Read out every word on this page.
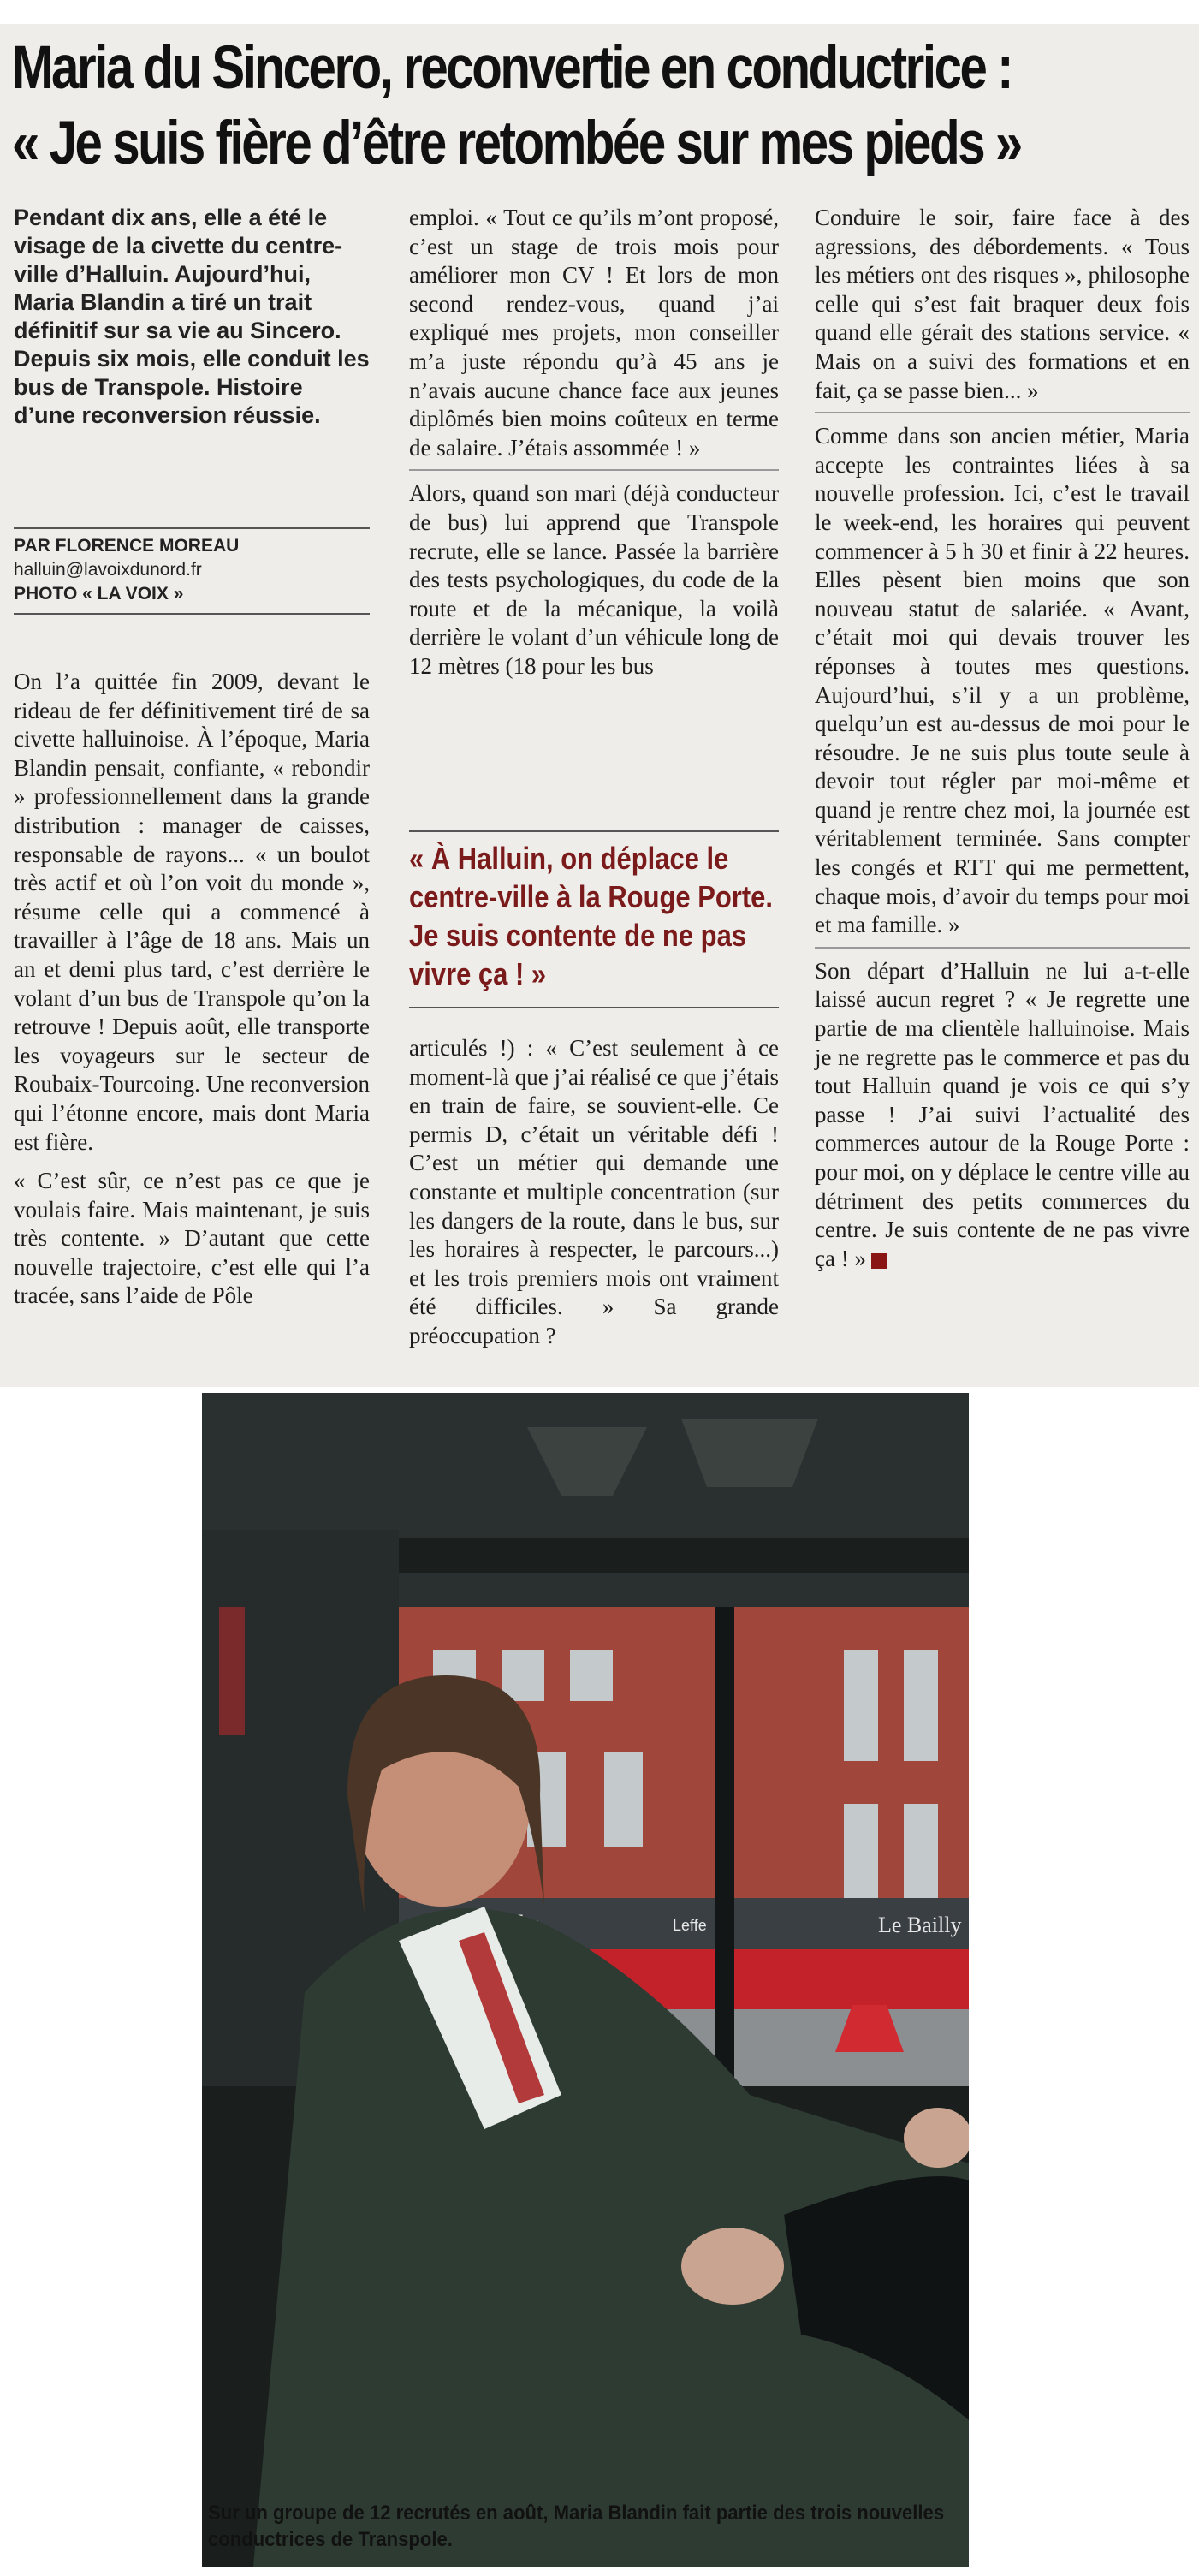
Maria du Sincero, reconvertie en conductrice :
« Je suis fière d’être retombée sur mes pieds »
Pendant dix ans, elle a été le visage de la civette du centre-ville d’Halluin. Aujourd’hui, Maria Blandin a tiré un trait définitif sur sa vie au Sincero. Depuis six mois, elle conduit les bus de Transpole. Histoire d’une reconversion réussie.
PAR FLORENCE MOREAU
halluin@lavoixdunord.fr
PHOTO « LA VOIX »

On l’a quittée fin 2009, devant le rideau de fer définitivement tiré de sa civette halluinoise. À l’époque, Maria Blandin pensait, confiante, « rebondir » professionnellement dans la grande distribution : manager de caisses, responsable de rayons... « un boulot très actif et où l’on voit du monde », résume celle qui a commencé à travailler à l’âge de 18 ans. Mais un an et demi plus tard, c’est derrière le volant d’un bus de Transpole qu’on la retrouve ! Depuis août, elle transporte les voyageurs sur le secteur de Roubaix-Tourcoing. Une reconversion qui l’étonne encore, mais dont Maria est fière.

« C’est sûr, ce n’est pas ce que je voulais faire. Mais maintenant, je suis très contente. » D’autant que cette nouvelle trajectoire, c’est elle qui l’a tracée, sans l’aide de Pôle

emploi. « Tout ce qu’ils m’ont proposé, c’est un stage de trois mois pour améliorer mon CV ! Et lors de mon second rendez-vous, quand j’ai expliqué mes projets, mon conseiller m’a juste répondu qu’à 45 ans je n’avais aucune chance face aux jeunes diplômés bien moins coûteux en terme de salaire. J’étais assommée ! »

Alors, quand son mari (déjà conducteur de bus) lui apprend que Transpole recrute, elle se lance. Passée la barrière des tests psychologiques, du code de la route et de la mécanique, la voilà derrière le volant d’un véhicule long de 12 mètres (18 pour les bus

« À Halluin, on déplace le centre-ville à la Rouge Porte. Je suis contente de ne pas vivre ça ! »

articulés !) : « C’est seulement à ce moment-là que j’ai réalisé ce que j’étais en train de faire, se souvient-elle. Ce permis D, c’était un véritable défi ! C’est un métier qui demande une constante et multiple concentration (sur les dangers de la route, dans le bus, sur les horaires à respecter, le parcours...) et les trois premiers mois ont vraiment été difficiles. » Sa grande préoccupation ?

Conduire le soir, faire face à des agressions, des débordements. « Tous les métiers ont des risques », philosophe celle qui s’est fait braquer deux fois quand elle gérait des stations service. « Mais on a suivi des formations et en fait, ça se passe bien... »

Comme dans son ancien métier, Maria accepte les contraintes liées à sa nouvelle profession. Ici, c’est le travail le week-end, les horaires qui peuvent commencer à 5 h 30 et finir à 22 heures. Elles pèsent bien moins que son nouveau statut de salariée. « Avant, c’était moi qui devais trouver les réponses à toutes mes questions. Aujourd’hui, s’il y a un problème, quelqu’un est au-dessus de moi pour le résoudre. Je ne suis plus toute seule à devoir tout régler par moi-même et quand je rentre chez moi, la journée est véritablement terminée. Sans compter les congés et RTT qui me permettent, chaque mois, d’avoir du temps pour moi et ma famille. »

Son départ d’Halluin ne lui a-t-elle laissé aucun regret ? « Je regrette une partie de ma clientèle halluinoise. Mais je ne regrette pas le commerce et pas du tout Halluin quand je vois ce qui s’y passe ! J’ai suivi l’actualité des commerces autour de la Rouge Porte : pour moi, on y déplace le centre ville au détriment des petits commerces du centre. Je suis contente de ne pas vivre ça ! »

Leffe	Le Bailly
Sur un groupe de 12 recrutés en août, Maria Blandin fait partie des trois nouvelles conductrices de Transpole.
